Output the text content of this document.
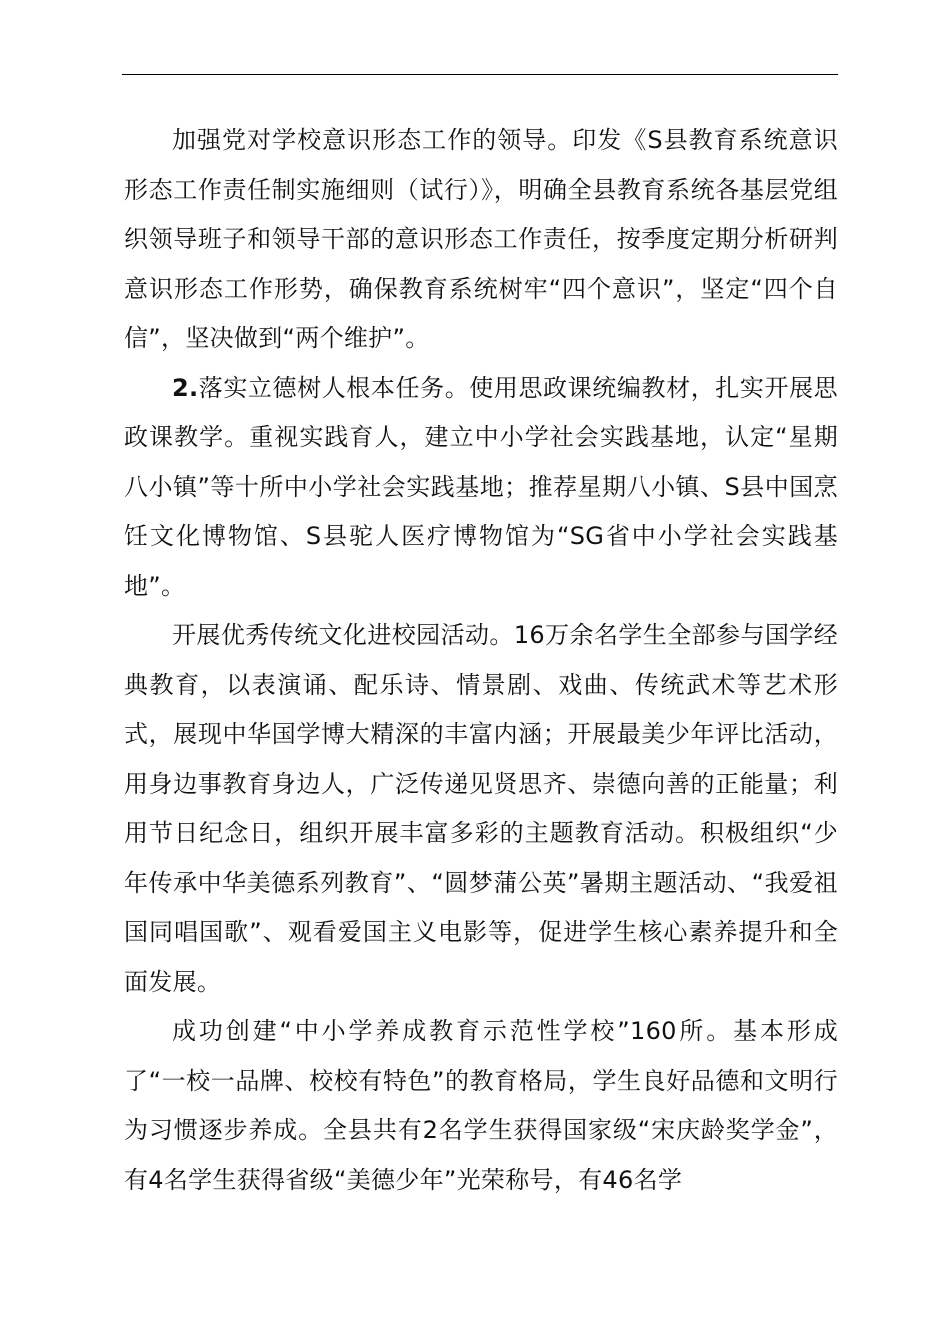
加强党对学校意识形态工作的领导。印发《S县教育系统意识形态工作责任制实施细则（试行）》，明确全县教育系统各基层党组织领导班子和领导干部的意识形态工作责任，按季度定期分析研判意识形态工作形势，确保教育系统树牢“四个意识”，坚定“四个自信”，坚决做到“两个维护”。

2.落实立德树人根本任务。使用思政课统编教材，扎实开展思政课教学。重视实践育人，建立中小学社会实践基地，认定“星期八小镇”等十所中小学社会实践基地；推荐星期八小镇、S县中国烹饪文化博物馆、S县驼人医疗博物馆为“SG省中小学社会实践基地”。

开展优秀传统文化进校园活动。16万余名学生全部参与国学经典教育，以表演诵、配乐诗、情景剧、戏曲、传统武术等艺术形式，展现中华国学博大精深的丰富内涵；开展最美少年评比活动，用身边事教育身边人，广泛传递见贤思齐、崇德向善的正能量；利用节日纪念日，组织开展丰富多彩的主题教育活动。积极组织“少年传承中华美德系列教育”、“圆梦蒲公英”暑期主题活动、“我爱祖国同唱国歌”、观看爱国主义电影等，促进学生核心素养提升和全面发展。

成功创建“中小学养成教育示范性学校”160所。基本形成了“一校一品牌、校校有特色”的教育格局，学生良好品德和文明行为习惯逐步养成。全县共有2名学生获得国家级“宋庆龄奖学金”，有4名学生获得省级“美德少年”光荣称号，有46名学
